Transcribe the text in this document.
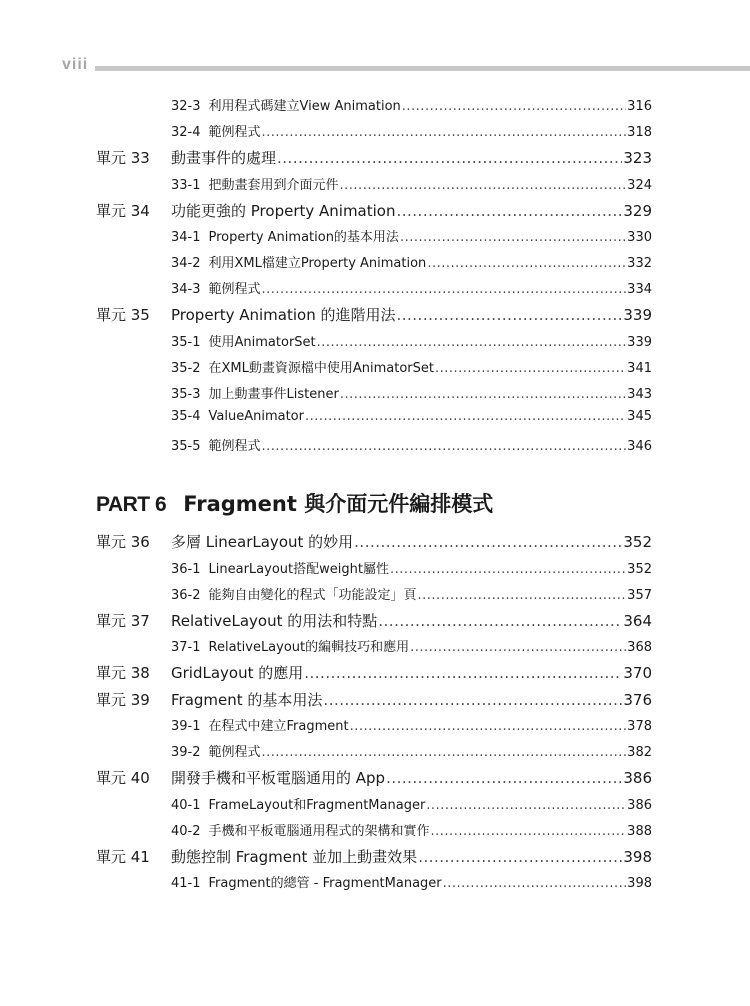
viii
32-3 利用程式碼建立View Animation .....	316
32-4 範例程式 .....	318
單元 33	動畫事件的處理 .....	323
33-1 把動畫套用到介面元件 .....	324
單元 34	功能更強的 Property Animation .....	329
34-1 Property Animation的基本用法 .....	330
34-2 利用XML檔建立Property Animation .....	332
34-3 範例程式 .....	334
單元 35	Property Animation 的進階用法 .....	339
35-1 使用AnimatorSet .....	339
35-2 在XML動畫資源檔中使用AnimatorSet .....	341
35-3 加上動畫事件Listener .....	343
35-4 ValueAnimator .....	345
35-5 範例程式 .....	346
PART 6 Fragment 與介面元件編排模式
單元 36	多層 LinearLayout 的妙用 .....	352
36-1 LinearLayout搭配weight屬性 .....	352
36-2 能夠自由變化的程式「功能設定」頁 .....	357
單元 37	RelativeLayout 的用法和特點 .....	364
37-1 RelativeLayout的編輯技巧和應用 .....	368
單元 38	GridLayout 的應用 .....	370
單元 39	Fragment 的基本用法 .....	376
39-1 在程式中建立Fragment .....	378
39-2 範例程式 .....	382
單元 40	開發手機和平板電腦通用的 App .....	386
40-1 FrameLayout和FragmentManager .....	386
40-2 手機和平板電腦通用程式的架構和實作 .....	388
單元 41	動態控制 Fragment 並加上動畫效果 .....	398
41-1 Fragment的總管 - FragmentManager .....	398
